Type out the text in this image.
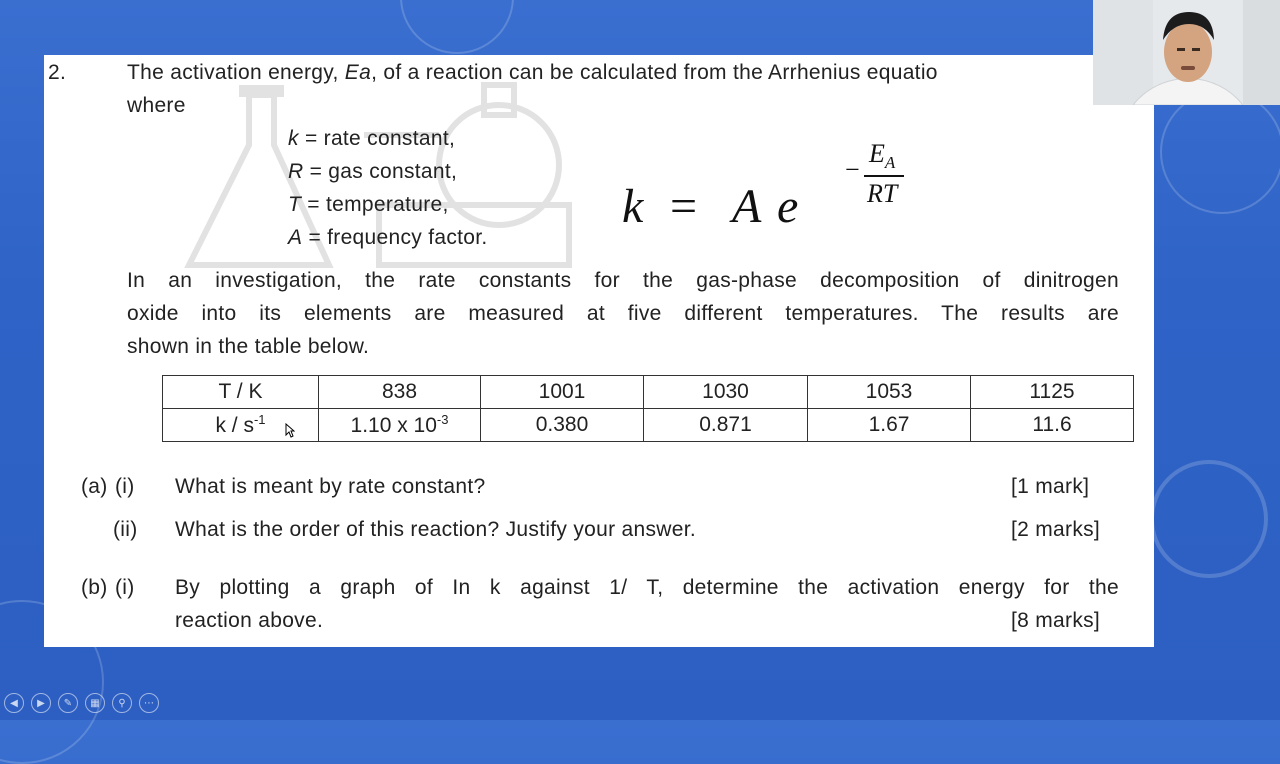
2.	The activation energy, Ea, of a reaction can be calculated from the Arrhenius equatio
where
k = rate constant,
R = gas constant,
T = temperature,
A = frequency factor.
k = A e
−
$E_A$
RT
In an investigation, the rate constants for the gas-phase decomposition of dinitrogen
oxide into its elements are measured at five different temperatures. The results are
shown in the table below.
T / K	838	1001	1030	1053	1125
k / $s^{-1}$	1.10 x $10^{-3}$	0.380	0.871	1.67	11.6
(a) (i) What is meant by rate constant?	[1 mark]
(ii) What is the order of this reaction? Justify your answer.	[2 marks]
(b) (i) By plotting a graph of In k against 1/ T, determine the activation energy for the
reaction above.	[8 marks]
◀	▶	✎	▦	⚲	⋯
